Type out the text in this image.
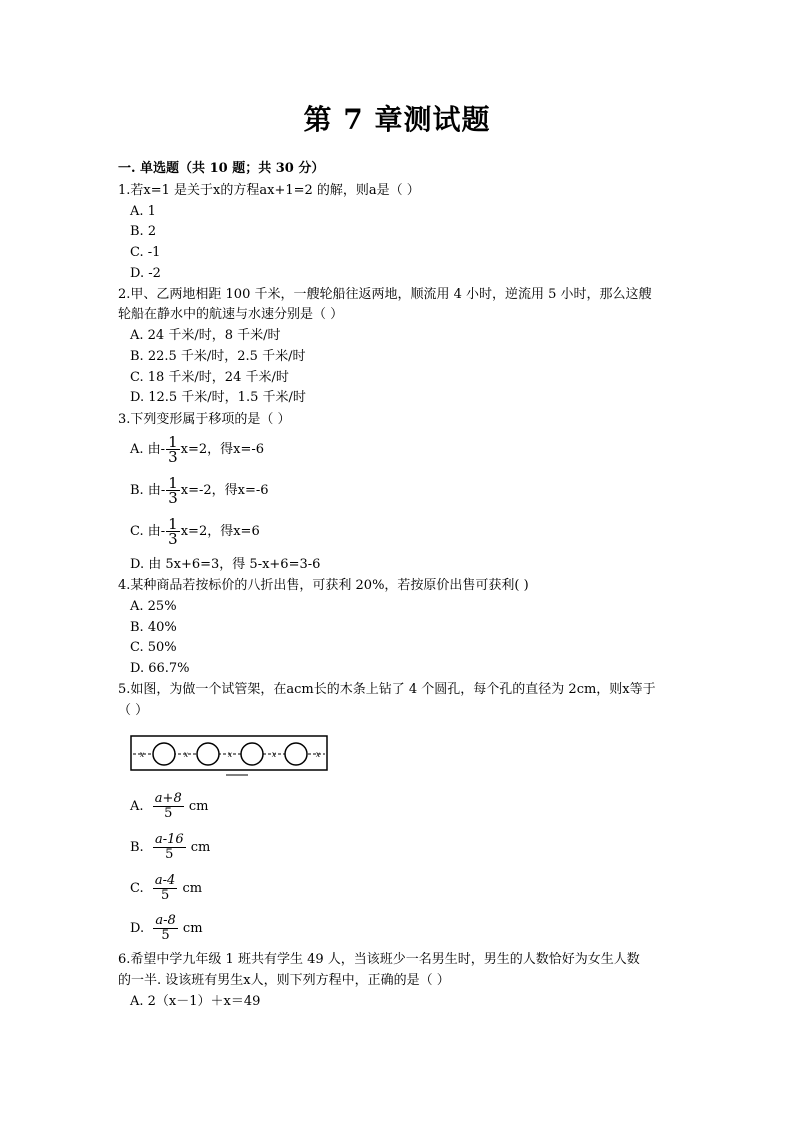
第 7 章测试题
一. 单选题（共 10 题；共 30 分）
1.若x=1 是关于x的方程ax+1=2 的解，则a是（ ）
A. 1
B. 2
C. -1
D. -2
2.甲、乙两地相距 100 千米，一艘轮船往返两地，顺流用 4 小时，逆流用 5 小时，那么这艘
轮船在静水中的航速与水速分别是（ ）
A. 24 千米/时，8 千米/时
B. 22.5 千米/时，2.5 千米/时
C. 18 千米/时，24 千米/时
D. 12.5 千米/时，1.5 千米/时
3.下列变形属于移项的是（ ）
A. 由- $\frac{1}{3} x=2$，得x=-6
B. 由- $\frac{1}{3} x=-2$，得x=-6
C. 由- $\frac{1}{3} x=2$，得x=6
D. 由 5x+6=3，得 5-x+6=3-6
4.某种商品若按标价的八折出售，可获利 20%，若按原价出售可获利( )
A. 25%
B. 40%
C. 50%
D. 66.7%
5.如图，为做一个试管架，在acm长的木条上钻了 4 个圆孔，每个孔的直径为 2cm，则x等于
（ ）
x	x	x	x	x
A. $\frac{a+8}{5}$ cm
B. $\frac{a-16}{5}$ cm
C. $\frac{a-4}{5}$ cm
D. $\frac{a-8}{5}$ cm
6.希望中学九年级 1 班共有学生 49 人，当该班少一名男生时，男生的人数恰好为女生人数
的一半. 设该班有男生x人，则下列方程中，正确的是（ ）
A. 2（x－1）＋x＝49
